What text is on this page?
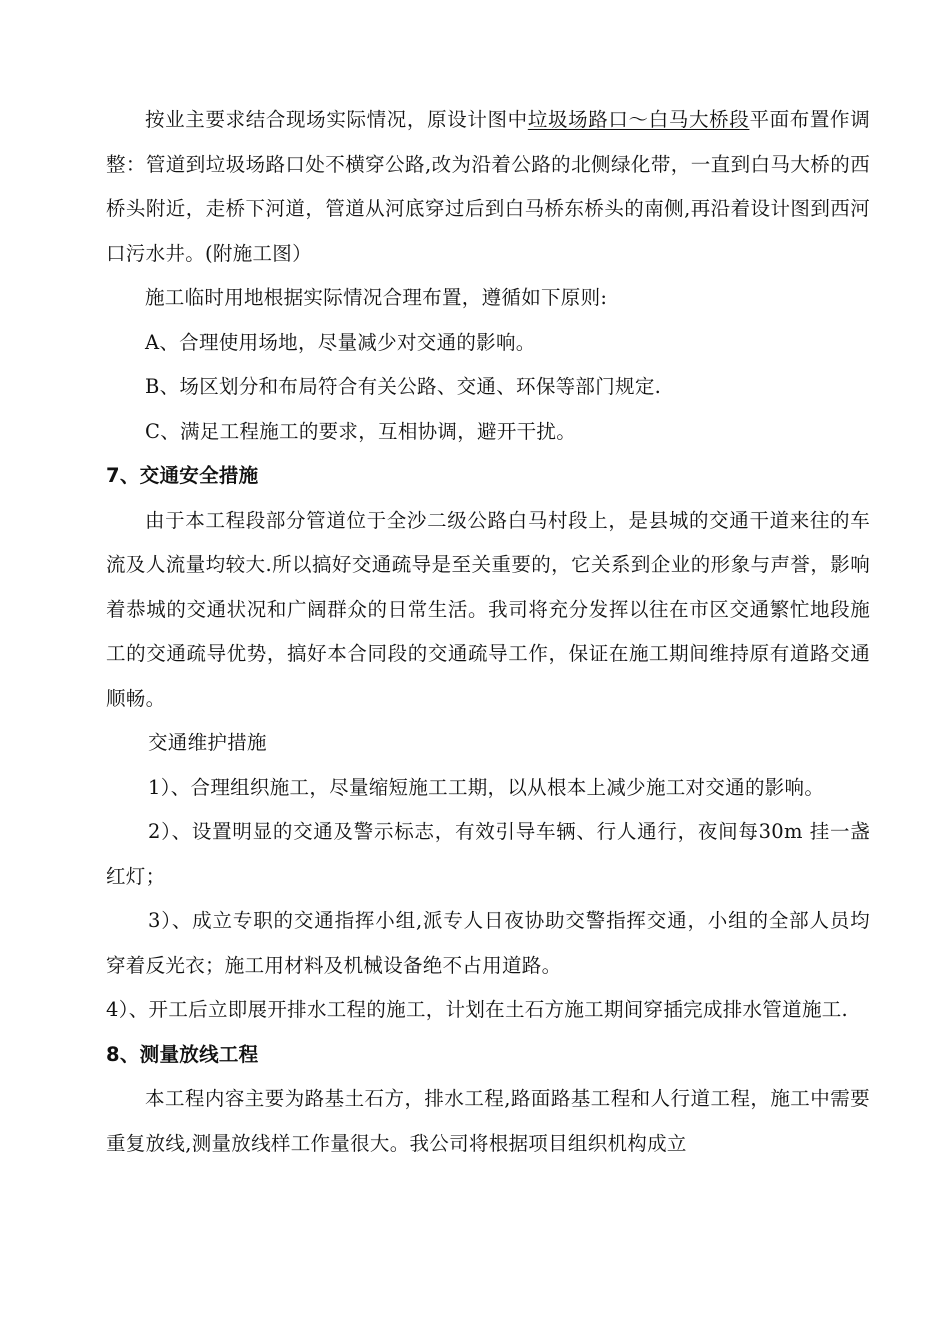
按业主要求结合现场实际情况，原设计图中垃圾场路口～白马大桥段平面布置作调整：管道到垃圾场路口处不横穿公路,改为沿着公路的北侧绿化带，一直到白马大桥的西桥头附近，走桥下河道，管道从河底穿过后到白马桥东桥头的南侧,再沿着设计图到西河口污水井。(附施工图）

施工临时用地根据实际情况合理布置，遵循如下原则:

A、合理使用场地，尽量减少对交通的影响。

B、场区划分和布局符合有关公路、交通、环保等部门规定.

C、满足工程施工的要求，互相协调，避开干扰。

7、交通安全措施

由于本工程段部分管道位于全沙二级公路白马村段上，是县城的交通干道来往的车流及人流量均较大.所以搞好交通疏导是至关重要的，它关系到企业的形象与声誉，影响着恭城的交通状况和广阔群众的日常生活。我司将充分发挥以往在市区交通繁忙地段施工的交通疏导优势，搞好本合同段的交通疏导工作，保证在施工期间维持原有道路交通顺畅。

交通维护措施

1）、合理组织施工，尽量缩短施工工期，以从根本上减少施工对交通的影响。

2）、设置明显的交通及警示标志，有效引导车辆、行人通行，夜间每30m 挂一盏红灯；

3）、成立专职的交通指挥小组,派专人日夜协助交警指挥交通，小组的全部人员均穿着反光衣；施工用材料及机械设备绝不占用道路。

4）、开工后立即展开排水工程的施工，计划在土石方施工期间穿插完成排水管道施工.

8、测量放线工程

本工程内容主要为路基土石方，排水工程,路面路基工程和人行道工程，施工中需要重复放线,测量放线样工作量很大。我公司将根据项目组织机构成立
